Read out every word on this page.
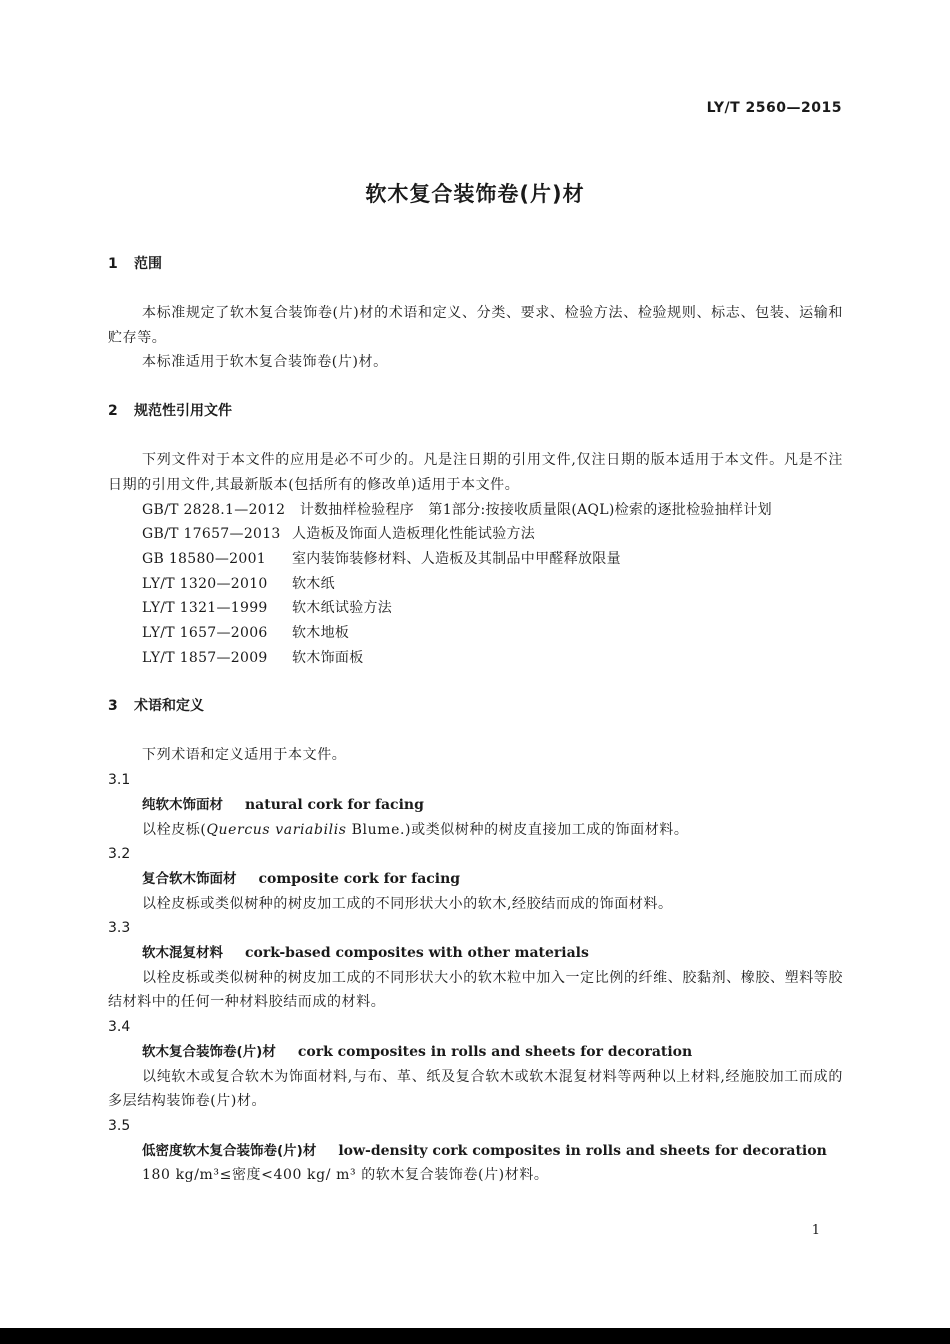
LY/T 2560—2015
软木复合装饰卷(片)材
1 范围
本标准规定了软木复合装饰卷(片)材的术语和定义、分类、要求、检验方法、检验规则、标志、包装、运输和贮存等。
本标准适用于软木复合装饰卷(片)材。
2 规范性引用文件
下列文件对于本文件的应用是必不可少的。凡是注日期的引用文件,仅注日期的版本适用于本文件。凡是不注日期的引用文件,其最新版本(包括所有的修改单)适用于本文件。
GB/T 2828.1—2012　计数抽样检验程序　第1部分:按接收质量限(AQL)检索的逐批检验抽样计划
GB/T 17657—2013 人造板及饰面人造板理化性能试验方法
GB 18580—2001 室内装饰装修材料、人造板及其制品中甲醛释放限量
LY/T 1320—2010 软木纸
LY/T 1321—1999 软木纸试验方法
LY/T 1657—2006 软木地板
LY/T 1857—2009 软木饰面板
3 术语和定义
下列术语和定义适用于本文件。
3.1
纯软木饰面材 natural cork for facing
以栓皮栎(Quercus variabilis Blume.)或类似树种的树皮直接加工成的饰面材料。
3.2
复合软木饰面材 composite cork for facing
以栓皮栎或类似树种的树皮加工成的不同形状大小的软木,经胶结而成的饰面材料。
3.3
软木混复材料 cork-based composites with other materials
以栓皮栎或类似树种的树皮加工成的不同形状大小的软木粒中加入一定比例的纤维、胶黏剂、橡胶、塑料等胶结材料中的任何一种材料胶结而成的材料。
3.4
软木复合装饰卷(片)材 cork composites in rolls and sheets for decoration
以纯软木或复合软木为饰面材料,与布、革、纸及复合软木或软木混复材料等两种以上材料,经施胶加工而成的多层结构装饰卷(片)材。
3.5
低密度软木复合装饰卷(片)材 low-density cork composites in rolls and sheets for decoration
180 kg/m³≤密度<400 kg/ m³ 的软木复合装饰卷(片)材料。
1
